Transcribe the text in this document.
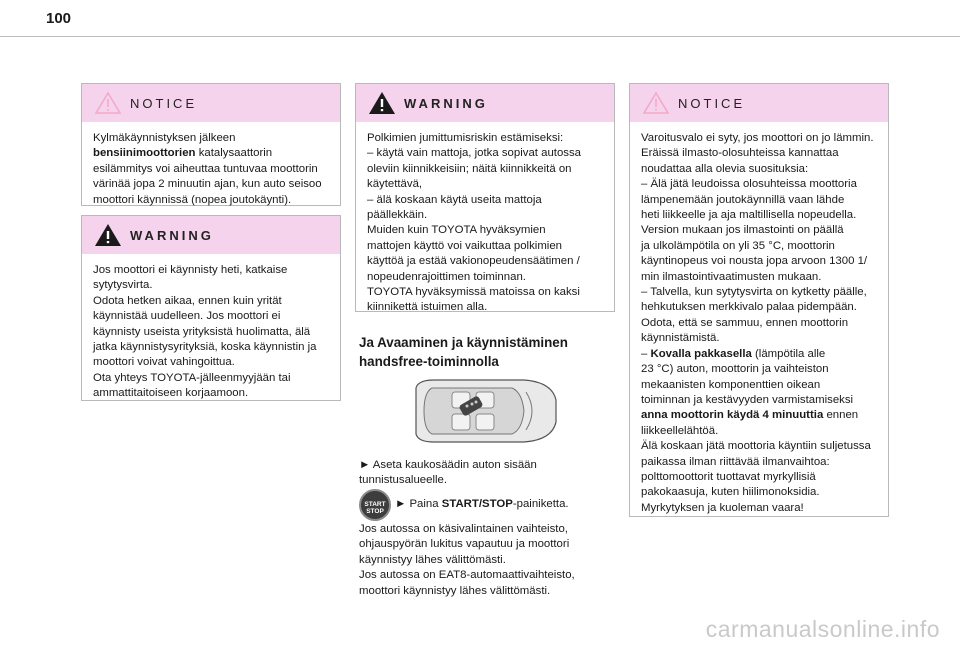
100
NOTICE

Kylmäkäynnistyksen jälkeen

bensiinimoottorien katalysaattorin

esilämmitys voi aiheuttaa tuntuvaa moottorin

värinää jopa 2 minuutin ajan, kun auto seisoo

moottori käynnissä (nopea joutokäynti).

WARNING

Jos moottori ei käynnisty heti, katkaise

sytytysvirta.

Odota hetken aikaa, ennen kuin yrität

käynnistää uudelleen. Jos moottori ei

käynnisty useista yrityksistä huolimatta, älä

jatka käynnistysyrityksiä, koska käynnistin ja

moottori voivat vahingoittua.

Ota yhteys TOYOTA-jälleenmyyjään tai

ammattitaitoiseen korjaamoon.

WARNING

Polkimien jumittumisriskin estämiseksi:

– käytä vain mattoja, jotka sopivat autossa

oleviin kiinnikkeisiin; näitä kiinnikkeitä on

käytettävä,

– älä koskaan käytä useita mattoja

päällekkäin.

Muiden kuin TOYOTA hyväksymien

mattojen käyttö voi vaikuttaa polkimien

käyttöä ja estää vakionopeudensäätimen /

nopeudenrajoittimen toiminnan.

TOYOTA hyväksymissä matoissa on kaksi

kiinnikettä istuimen alla.

Ja Avaaminen ja käynnistäminen

handsfree-toiminnolla

► Aseta kaukosäädin auton sisään

tunnistusalueelle.

START
STOP
► Paina START/STOP-painiketta.

Jos autossa on käsivalintainen vaihteisto,

ohjauspyörän lukitus vapautuu ja moottori

käynnistyy lähes välittömästi.

Jos autossa on EAT8-automaattivaihteisto,

moottori käynnistyy lähes välittömästi.

NOTICE

Varoitusvalo ei syty, jos moottori on jo lämmin.

Eräissä ilmasto-olosuhteissa kannattaa

noudattaa alla olevia suosituksia:

– Älä jätä leudoissa olosuhteissa moottoria

lämpenemään joutokäynnillä vaan lähde

heti liikkeelle ja aja maltillisella nopeudella.

Version mukaan jos ilmastointi on päällä

ja ulkolämpötila on yli 35 °C, moottorin

käyntinopeus voi nousta jopa arvoon 1300 1/

min ilmastointivaatimusten mukaan.

– Talvella, kun sytytysvirta on kytketty päälle,

hehkutuksen merkkivalo palaa pidempään.

Odota, että se sammuu, ennen moottorin

käynnistämistä.

– Kovalla pakkasella (lämpötila alle

23 °C) auton, moottorin ja vaihteiston

mekaanisten komponenttien oikean

toiminnan ja kestävyyden varmistamiseksi

anna moottorin käydä 4 minuuttia ennen

liikkeellelähtöä.

Älä koskaan jätä moottoria käyntiin suljetussa

paikassa ilman riittävää ilmanvaihtoa:

polttomoottorit tuottavat myrkyllisiä

pakokaasuja, kuten hiilimonoksidia.

Myrkytyksen ja kuoleman vaara!

carmanualsonline.info
